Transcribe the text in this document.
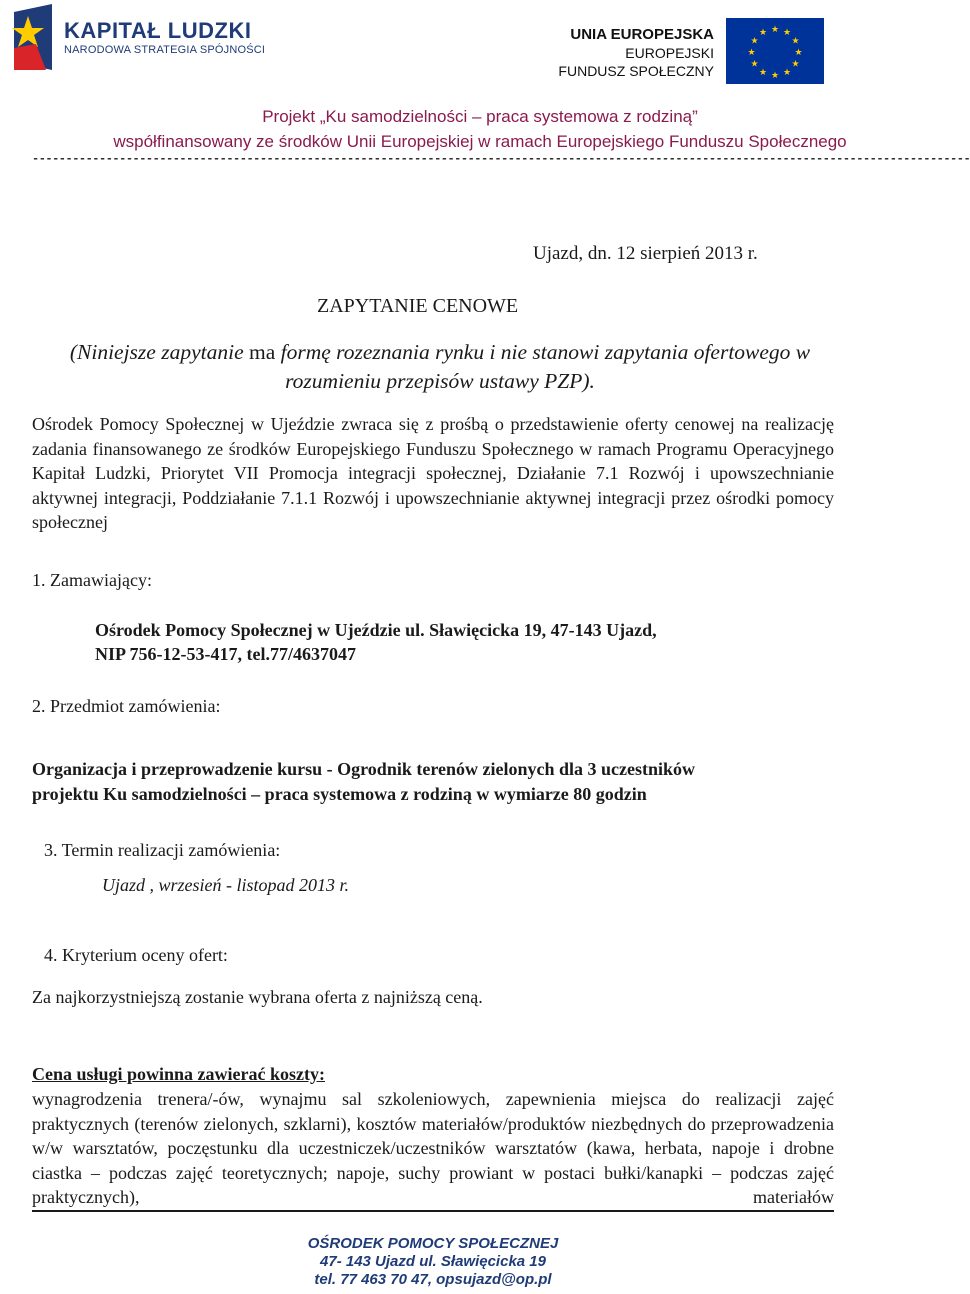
KAPITAŁ LUDZKI
NARODOWA STRATEGIA SPÓJNOŚCI
UNIA EUROPEJSKA
EUROPEJSKI
FUNDUSZ SPOŁECZNY
★ ★
★
★
★
★
★
★
★
★
★
★
Projekt „Ku samodzielności – praca systemowa z rodziną”
współfinansowany ze środków Unii Europejskiej w ramach Europejskiego Funduszu Społecznego
--------------------------------------------------------------------------------------------------------------------------------------------
Ujazd, dn. 12 sierpień 2013 r.
ZAPYTANIE CENOWE
(Niniejsze zapytanie ma formę rozeznania rynku i nie stanowi zapytania ofertowego w rozumieniu przepisów ustawy PZP).
Ośrodek Pomocy Społecznej w Ujeździe zwraca się z prośbą o przedstawienie oferty cenowej na realizację zadania finansowanego ze środków Europejskiego Funduszu Społecznego w ramach Programu Operacyjnego Kapitał Ludzki, Priorytet VII Promocja integracji społecznej, Działanie 7.1 Rozwój i upowszechnianie aktywnej integracji, Poddziałanie 7.1.1 Rozwój i upowszechnianie aktywnej integracji przez ośrodki pomocy społecznej
1. Zamawiający:
Ośrodek Pomocy Społecznej w Ujeździe ul. Sławięcicka 19, 47-143 Ujazd,
NIP 756-12-53-417, tel.77/4637047
2. Przedmiot zamówienia:
Organizacja i przeprowadzenie kursu - Ogrodnik terenów zielonych dla 3 uczestników
projektu Ku samodzielności – praca systemowa z rodziną w wymiarze 80 godzin
3. Termin realizacji zamówienia:
Ujazd , wrzesień - listopad 2013 r.
4. Kryterium oceny ofert:
Za najkorzystniejszą zostanie wybrana oferta z najniższą ceną.
Cena usługi powinna zawierać koszty:
wynagrodzenia trenera/-ów, wynajmu sal szkoleniowych, zapewnienia miejsca do realizacji zajęć praktycznych (terenów zielonych, szklarni), kosztów materiałów/produktów niezbędnych do przeprowadzenia w/w warsztatów, poczęstunku dla uczestniczek/uczestników warsztatów (kawa, herbata, napoje i drobne ciastka – podczas zajęć teoretycznych; napoje, suchy prowiant w postaci bułki/kanapki – podczas zajęć praktycznych), materiałów
OŚRODEK POMOCY SPOŁECZNEJ
47- 143 Ujazd ul. Sławięcicka 19
tel. 77 463 70 47, opsujazd@op.pl
